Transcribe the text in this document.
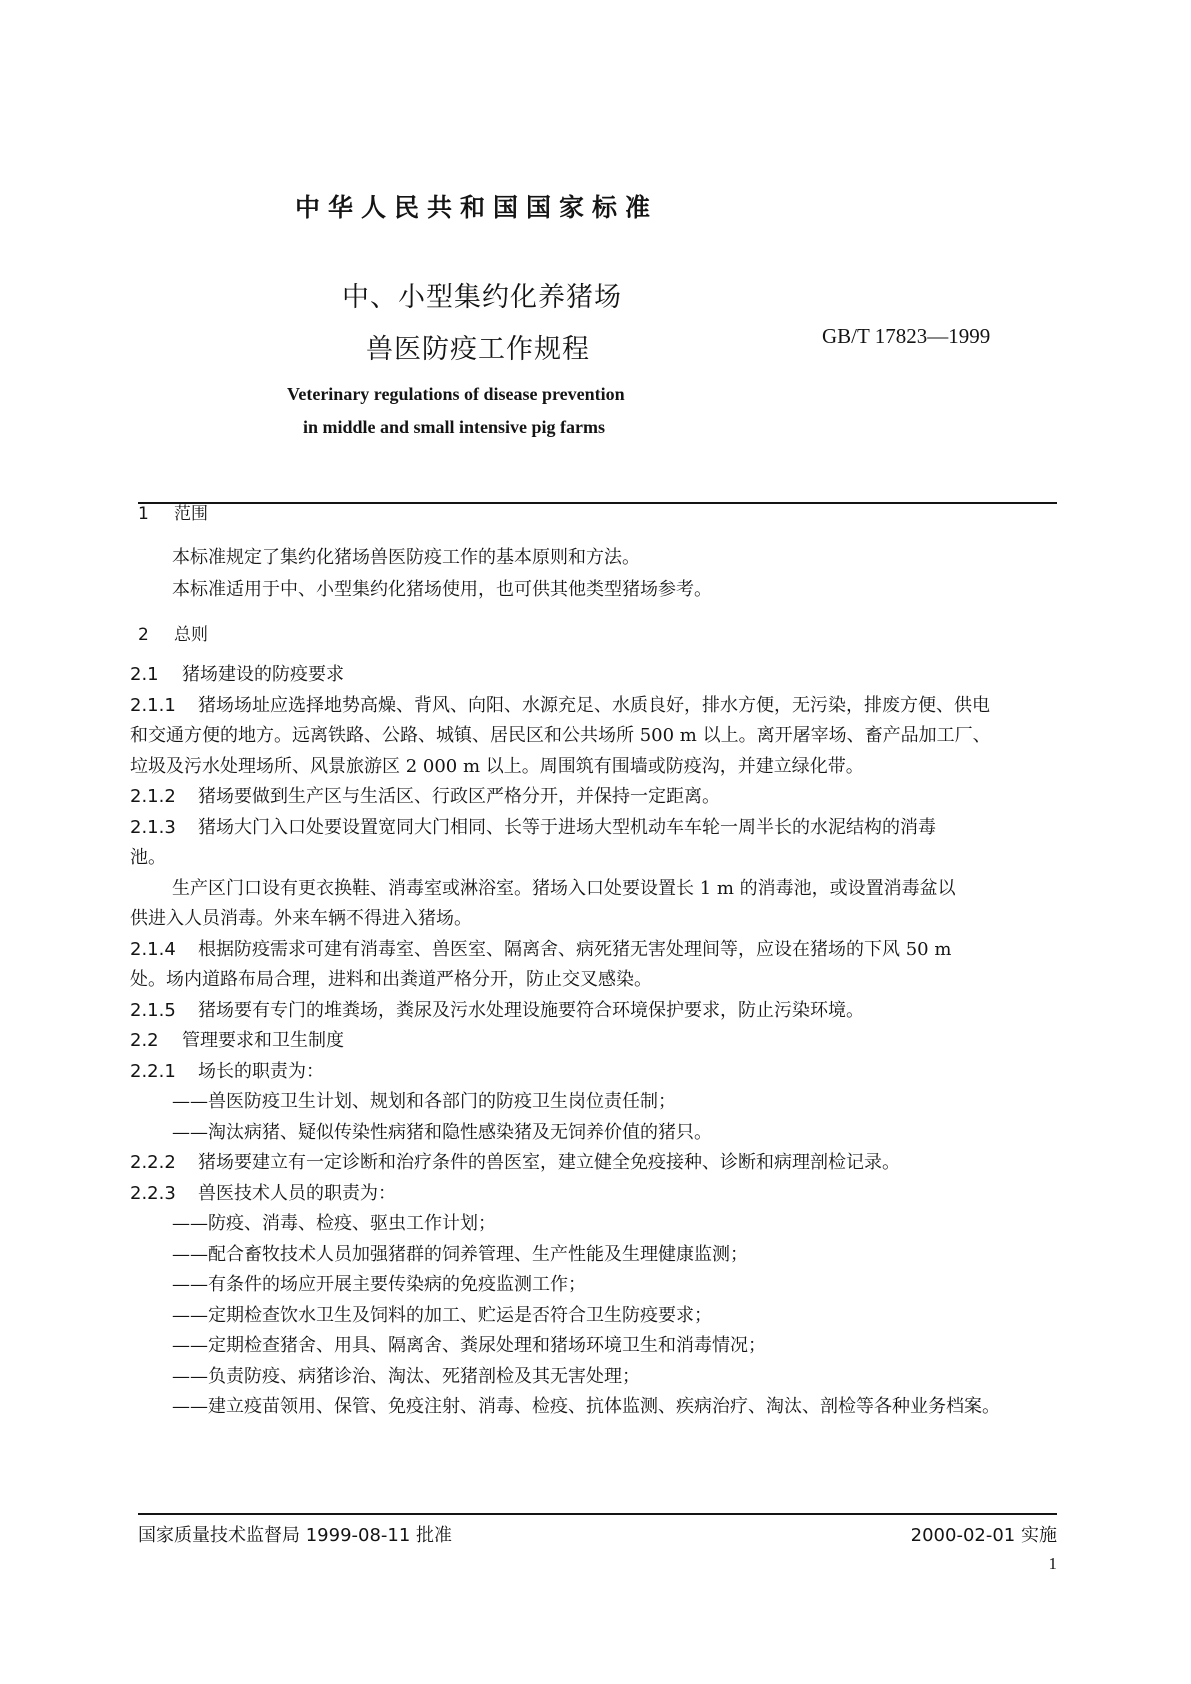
中华人民共和国国家标准
中、小型集约化养猪场
兽医防疫工作规程	GB/T 17823—1999
Veterinary regulations of disease prevention
in middle and small intensive pig farms
1 范围
本标准规定了集约化猪场兽医防疫工作的基本原则和方法。
本标准适用于中、小型集约化猪场使用，也可供其他类型猪场参考。
2 总则
2.1 猪场建设的防疫要求
2.1.1 猪场场址应选择地势高燥、背风、向阳、水源充足、水质良好，排水方便，无污染，排废方便、供电
和交通方便的地方。远离铁路、公路、城镇、居民区和公共场所 500 m 以上。离开屠宰场、畜产品加工厂、
垃圾及污水处理场所、风景旅游区 2 000 m 以上。周围筑有围墙或防疫沟，并建立绿化带。
2.1.2 猪场要做到生产区与生活区、行政区严格分开，并保持一定距离。
2.1.3 猪场大门入口处要设置宽同大门相同、长等于进场大型机动车车轮一周半长的水泥结构的消毒
池。
生产区门口设有更衣换鞋、消毒室或淋浴室。猪场入口处要设置长 1 m 的消毒池，或设置消毒盆以
供进入人员消毒。外来车辆不得进入猪场。
2.1.4 根据防疫需求可建有消毒室、兽医室、隔离舍、病死猪无害处理间等，应设在猪场的下风 50 m
处。场内道路布局合理，进料和出粪道严格分开，防止交叉感染。
2.1.5 猪场要有专门的堆粪场，粪尿及污水处理设施要符合环境保护要求，防止污染环境。
2.2 管理要求和卫生制度
2.2.1 场长的职责为：
——兽医防疫卫生计划、规划和各部门的防疫卫生岗位责任制；
——淘汰病猪、疑似传染性病猪和隐性感染猪及无饲养价值的猪只。
2.2.2 猪场要建立有一定诊断和治疗条件的兽医室，建立健全免疫接种、诊断和病理剖检记录。
2.2.3 兽医技术人员的职责为：
——防疫、消毒、检疫、驱虫工作计划；
——配合畜牧技术人员加强猪群的饲养管理、生产性能及生理健康监测；
——有条件的场应开展主要传染病的免疫监测工作；
——定期检查饮水卫生及饲料的加工、贮运是否符合卫生防疫要求；
——定期检查猪舍、用具、隔离舍、粪尿处理和猪场环境卫生和消毒情况；
——负责防疫、病猪诊治、淘汰、死猪剖检及其无害处理；
——建立疫苗领用、保管、免疫注射、消毒、检疫、抗体监测、疾病治疗、淘汰、剖检等各种业务档案。
国家质量技术监督局 1999-08-11 批准	2000-02-01 实施
1
